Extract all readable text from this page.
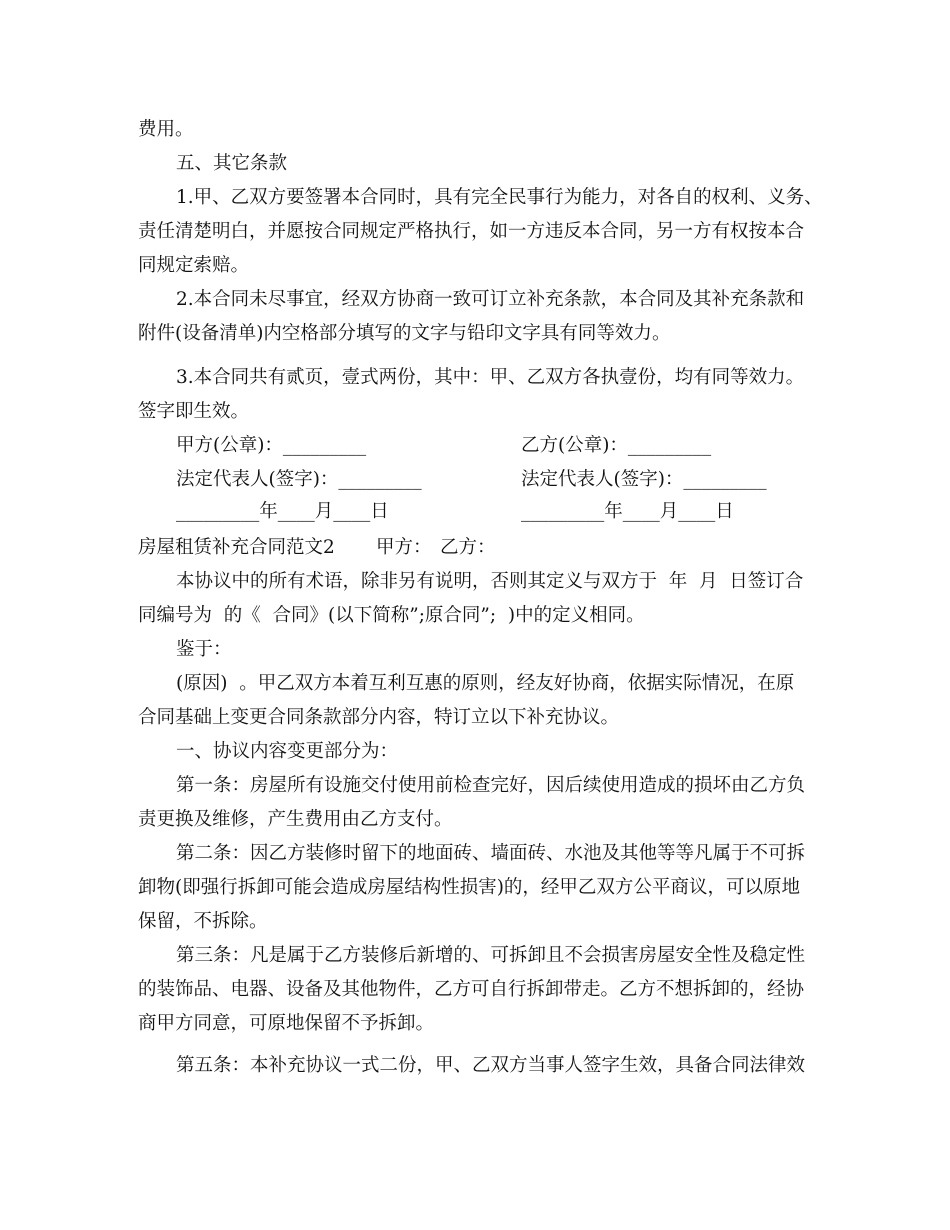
费用。

五、其它条款

1.甲、乙双方要签署本合同时，具有完全民事行为能力，对各自的权利、义务、

责任清楚明白，并愿按合同规定严格执行，如一方违反本合同，另一方有权按本合

同规定索赔。

2.本合同未尽事宜，经双方协商一致可订立补充条款，本合同及其补充条款和

附件(设备清单)内空格部分填写的文字与铅印文字具有同等效力。

3.本合同共有贰页，壹式两份，其中：甲、乙双方各执壹份，均有同等效力。

签字即生效。

甲方(公章)：_________	乙方(公章)：_________

法定代表人(签字)：_________	法定代表人(签字)：_________

_________年____月____日	_________年____月____日

房屋租赁补充合同范文2 甲方： 乙方：

本协议中的所有术语，除非另有说明，否则其定义与双方于  年  月  日签订合

同编号为  的《  合同》(以下简称”;原合同”;  )中的定义相同。

鉴于：

(原因)  。甲乙双方本着互利互惠的原则，经友好协商，依据实际情况，在原

合同基础上变更合同条款部分内容，特订立以下补充协议。

一、协议内容变更部分为：

第一条：房屋所有设施交付使用前检查完好，因后续使用造成的损坏由乙方负

责更换及维修，产生费用由乙方支付。

第二条：因乙方装修时留下的地面砖、墙面砖、水池及其他等等凡属于不可拆

卸物(即强行拆卸可能会造成房屋结构性损害)的，经甲乙双方公平商议，可以原地

保留，不拆除。

第三条：凡是属于乙方装修后新增的、可拆卸且不会损害房屋安全性及稳定性

的装饰品、电器、设备及其他物件，乙方可自行拆卸带走。乙方不想拆卸的，经协

商甲方同意，可原地保留不予拆卸。

第五条：本补充协议一式二份，甲、乙双方当事人签字生效，具备合同法律效
